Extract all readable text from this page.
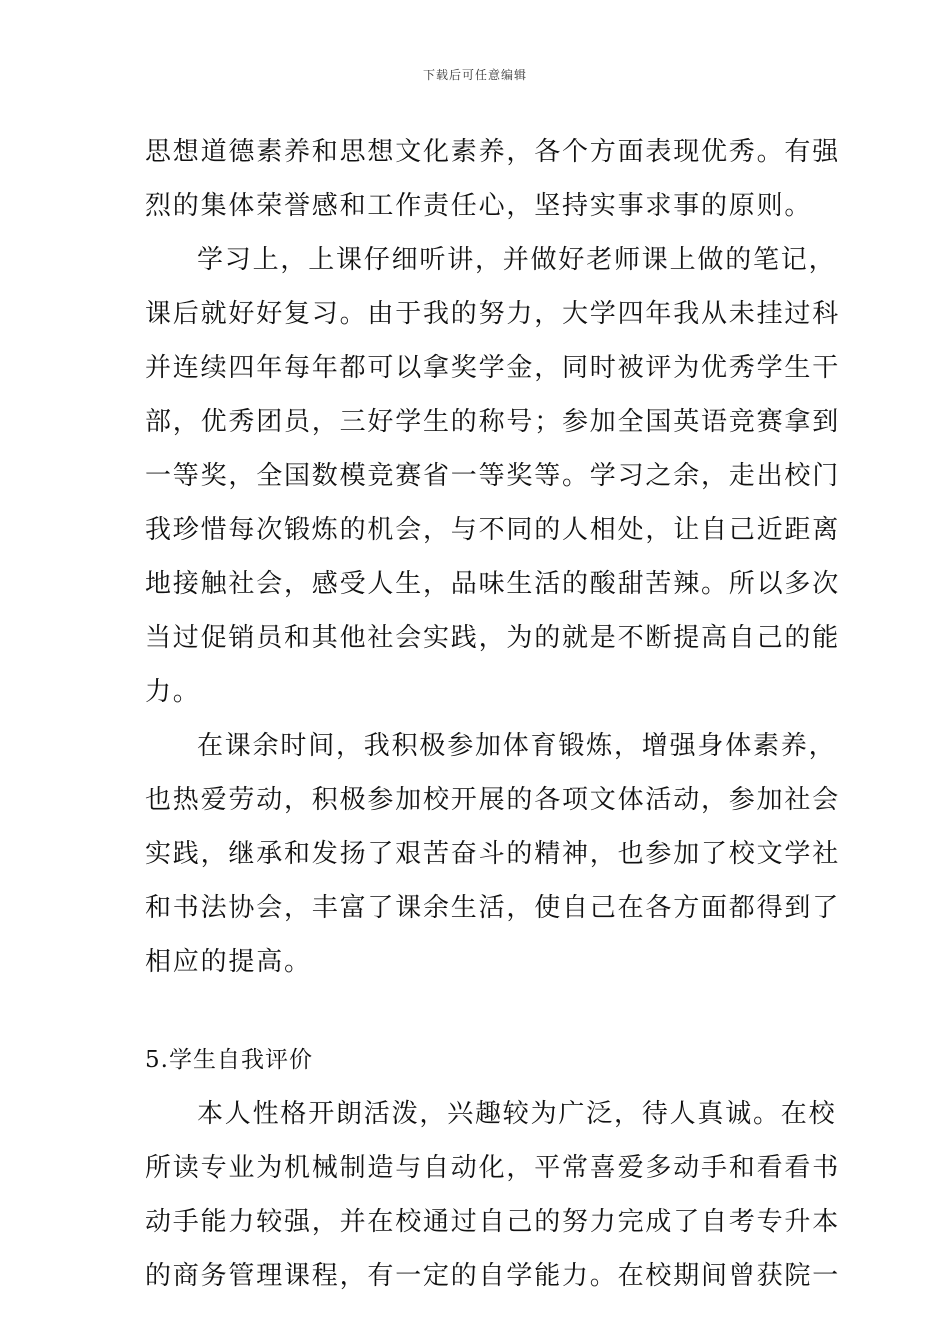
下载后可任意编辑
思想道德素养和思想文化素养，各个方面表现优秀。有强
烈的集体荣誉感和工作责任心，坚持实事求事的原则。
学习上，上课仔细听讲，并做好老师课上做的笔记，
课后就好好复习。由于我的努力，大学四年我从未挂过科
并连续四年每年都可以拿奖学金，同时被评为优秀学生干
部，优秀团员，三好学生的称号；参加全国英语竞赛拿到
一等奖，全国数模竞赛省一等奖等。学习之余，走出校门
我珍惜每次锻炼的机会，与不同的人相处，让自己近距离
地接触社会，感受人生，品味生活的酸甜苦辣。所以多次
当过促销员和其他社会实践，为的就是不断提高自己的能
力。
在课余时间，我积极参加体育锻炼，增强身体素养，
也热爱劳动，积极参加校开展的各项文体活动，参加社会
实践，继承和发扬了艰苦奋斗的精神，也参加了校文学社
和书法协会，丰富了课余生活，使自己在各方面都得到了
相应的提高。
5.学生自我评价
本人性格开朗活泼，兴趣较为广泛，待人真诚。在校
所读专业为机械制造与自动化，平常喜爱多动手和看看书
动手能力较强，并在校通过自己的努力完成了自考专升本
的商务管理课程，有一定的自学能力。在校期间曾获院一
